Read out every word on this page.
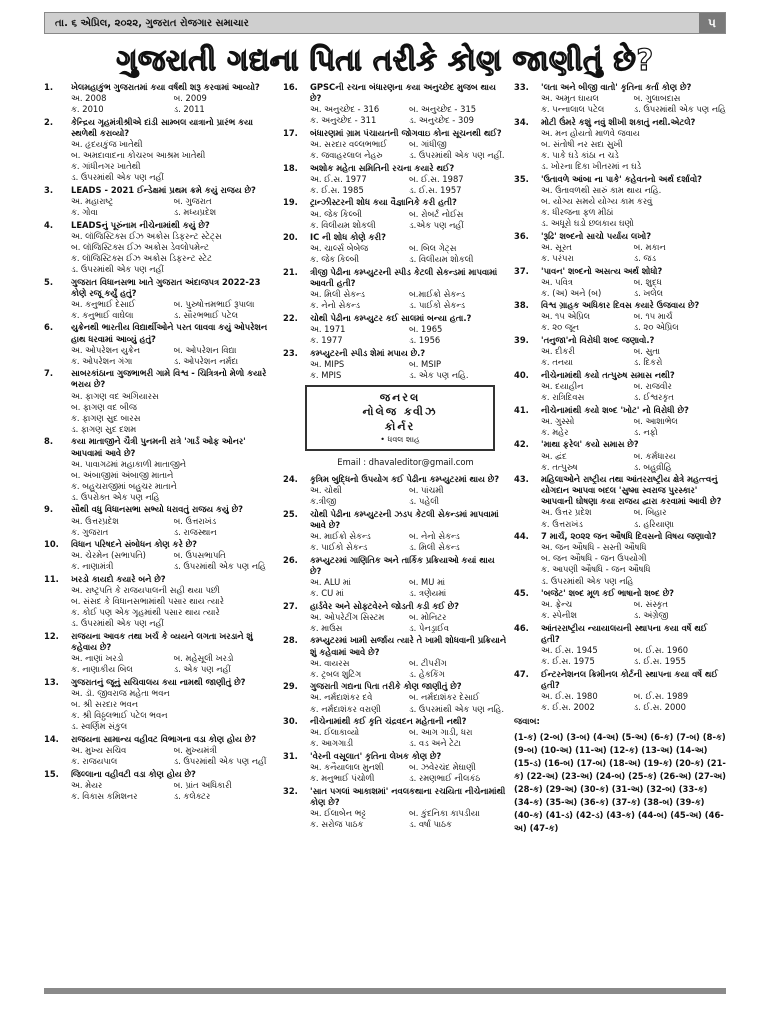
તા. ૬ એપ્રિલ, ૨૦૨૨, ગુજરાત રોજગાર સમાચાર	૫
ગુજરાતી ગદ્યના પિતા તરીકે કોણ જાણીતું છે?
1.	ખેલમહાકુંભ ગુજરાતમાં કયા વર્ષથી શરૂ કરવામાં આવ્યો?
અ. 2008	બ. 2009
ક. 2010	ડ. 2011
2.	કેન્દ્રિય ગૃહમંત્રીશ્રીએ દાંડી સામ્બલ યાત્રાનો પ્રારંભ કયા સ્થળેથી કરાવ્યો?
અ. હૃદયકુંજ ખાતેથી
બ. અમદાવાદના કોચરબ આશ્રમ ખાતેથી
ક. ગાંધીનગર ખાતેથી
ડ. ઉપરમાંથી એક પણ નહીં
3.	LEADS - 2021 ઈન્ડેક્ષમાં પ્રથમ ક્રમે કયું રાજય છે?
અ. મહારાષ્ટ્ર	બ. ગુજરાત
ક. ગોવા	ડ. મધ્યપ્રદેશ
4.	LEADSનું પૂરુંનામ નીચેનામાંથી કયું છે?
અ. લૉજિસ્ટિક્સ ઈઝ અક્રોસ ડિફરન્ટ સ્ટેટ્સ
બ. લૉજિસ્ટિક્સ ઈઝ અક્રોસ ડેવલોપમેન્ટ
ક. લૉજિસ્ટિક્સ ઈઝ અક્રોસ ડિફરન્ટ સ્ટેટ
ડ. ઉપરમાંથી એક પણ નહીં
5.	ગુજરાત વિધાનસભા ખાતે ગુજરાત અંદાજપત્ર 2022-23 કોણે રજૂ કર્યું હતું?
અ. કનુભાઈ દેસાઈ	બ. પુરુષોત્તમભાઈ રૂપાલા
ક. કનુભાઈ વાઘેલા	ડ. સૌરભભાઈ પટેલ
6.	યુક્રેનથી ભારતીય વિદ્યાર્થીઓને પરત લાવવા કયું ઓપરેશન હાથ ધરવામાં આવ્યું હતું?
અ. ઓપરેશન યુક્રેન	બ. ઓપરેશન વિદ્યા
ક. ઓપરેશન ગંગા	ડ. ઓપરેશન નર્મદા
7.	સાબરકાંઠાના ગુજભાભરી ગામે વિશ્વ - ચિત્રિત્રનો મેળો કયારે ભરાય છે?
અ. ફાગણ વદ અગિયારસ
બ. ફાગણ વદ બીજ
ક. ફાગણ સુદ બારસ
ડ. ફાગણ સુદ દશમ
8.	કયા માતાજીને ચૈત્રી પુનમની રાત્રે 'ગાર્ડ ઓફ ઓનર' આપવામાં આવે છે?
અ. પાવાગઢમાં મહાકાળી માતાજીને
બ. અંબાજીમાં અંબાજી માતાને
ક. બહુચરાજીમાં બહુચર માતાને
ડ. ઉપરોક્ત એક પણ નહિ
9.	સૌથી વધુ વિધાનસભા સભ્યો ધરાવતું રાજય કયું છે?
અ. ઉત્તરપ્રદેશ	બ. ઉત્તરાખંડ
ક. ગુજરાત	ડ. રાજસ્થાન
10.	વિધાન પરિષદને સંબોધન કોણ કરે છે?
અ. ચેરમેન (સભાપતિ)	બ. ઉપસભાપતિ
ક. નાણામંત્રી	ડ. ઉપરમાંથી એક પણ નહિ
11.	ખરડો કાયદો કયારે બને છે?
અ. રાષ્ટ્રપતિ કે રાજયપાલની સહી થયા પછી
બ. સંસદ કે વિધાનસભામાંથી પસાર થાય ત્યારે
ક. કોઈ પણ એક ગૃહમાંથી પસાર થાય ત્યારે
ડ. ઉપરમાંથી એક પણ નહીં
12.	રાજયના આવક તથા ખર્ચ કે વ્યયને લગતા ખરડાને શું કહેવાય છે?
અ. નાણાં ખરડો	બ. મહેસૂલી ખરડો
ક. નાણાકીય બિલ	ડ. એક પણ નહીં
13.	ગુજરાતનું જૂનું સચિવાલય કયા નામથી જાણીતું છે?
અ. ડૉ. જીવરાજ મહેતા ભવન
બ. શ્રી સરદાર ભવન
ક. શ્રી વિઠ્ઠલભાઈ પટેલ ભવન
ડ. સ્વર્ણિમ સંકુલ
14.	રાજયના સામાન્ય વહીવટ વિભાગના વડા કોણ હોય છે?
અ. મુખ્ય સચિવ	બ. મુખ્યમંત્રી
ક. રાજયપાલ	ડ. ઉપરમાંથી એક પણ નહીં
15.	જિલ્લાના વહીવટી વડા કોણ હોય છે?
અ. મેયર	બ. પ્રાંત અધિકારી
ક. વિકાસ કમિશનર	ડ. કલેક્ટર
16.	GPSCની રચના બંધારણના કયા અનુચ્છેદ મુજબ થાય છે?
અ. અનુચ્છેદ - 316	બ. અનુચ્છેદ - 315
ક. અનુચ્છેદ - 311	ડ. અનુચ્છેદ - 309
17.	બંધારણમાં ગ્રામ પંચાયતની જોગવાઇ કોના સૂચનથી થઈ?
અ. સરદાર વલ્લભભાઈ	બ. ગાંધીજી
ક. જવાહરલાલ નેહરુ	ડ. ઉપરમાંથી એક પણ નહીં.
18.	અશોક મહેતા સમિતિની રચના કયારે થઈ?
અ. ઈ.સ. 1977	બ. ઈ.સ. 1987
ક. ઈ.સ. 1985	ડ. ઈ.સ. 1957
19.	ટ્રાન્ઝીસ્ટરની શોધ કયા વૈજ્ઞાનિકે કરી હતી?
અ. જેક કિલ્બી	બ. રોબર્ટ નોઈસ
ક. વિલીયમ શોકલી	ડ.એક પણ નહીં
20.	IC ની શોધ કોણે કરી?
અ. ચાર્લ્સ બેબેજ	બ. બિલ ગેટ્સ
ક. જેક કિલ્બી	ડ. વિલીયમ શોકલી
21.	ત્રીજી પેઢીના કમ્પ્યુટરની સ્પીડ કેટલી સેકન્ડમાં માપવામાં આવતી હતી?
અ. મિલી સેકન્ડ	બ.માઈક્રો સેકન્ડ
ક. નેનો સેકન્ડ	ડ. પાઈકો સેકન્ડ
22.	ચોથી પેઢીના કમ્પ્યુટર કઈ સાલમાં બન્યા હતા.?
અ. 1971	બ. 1965
ક. 1977	ડ. 1956
23.	કમ્પ્યુટરની સ્પીડ શેમાં મપાય છે.?
અ. MIPS	બ. MSIP
ક. MPIS	ડ. એક પણ નહિ.
જનરલ
નોલેજ ક્વીઝ
કોર્નર
• ધવલ શાહ
Email : dhavaleditor@gmail.com
24.	કૃત્રિમ બુદ્ધિનો ઉપયોગ કઈ પેઢીના કમ્પ્યુટરમાં થાય છે?
અ. ચોથી	બ. પાંચમી
ક.ત્રીજી	ડ. પહેલી
25.	ચોથી પેઢીના કમ્પ્યુટરની ઝડપ કેટલી સેકન્ડમાં માપવામાં આવે છે?
અ. માઈક્રો સેકન્ડ	બ. નેનો સેકન્ડ
ક. પાઈકો સેકન્ડ	ડ. મિલી સેકન્ડ
26.	કમ્પ્યુટરમાં ગાણિતિક અને તાર્કિક પ્રક્રિયાઓ કયાં થાય છે?
અ. ALU માં	બ. MU માં
ક. CU માં	ડ. ત્રણેયમાં
27.	હાર્ડવેર અને સોફ્ટવેરને જોડતી કડી કઈ છે?
અ. ઓપરેટીંગ સિસ્ટમ	બ. મોનિટર
ક. માઉસ	ડ. પેનડ્રાઈવ
28.	કમ્પ્યુટરમાં ખામી સર્જાય ત્યારે તે ખામી શોધવાની પ્રક્રિયાને શું કહેવામાં આવે છે?
અ. વાયરસ	બ. ટીપરીંગ
ક. ટ્રબલ શુટિંગ	ડ. હેકકિંગ
29.	ગુજરાતી ગદ્યના પિતા તરીકે કોણ જાણીતું છે?
અ. નર્મદાશંકર દવે	બ. નર્મદાશંકર દેસાઈ
ક. નર્મદાશંકર વરાણી	ડ. ઉપરમાંથી એક પણ નહિ.
30.	નીચેનામાંથી કઈ કૃતિ ચંદ્રવદન મહેતાની નથી?
અ. ઈલાકાવ્યો	બ. આગ ગાડી, ધરા
ક. આગગાડી	ડ. વડ અને ટેટા
31.	'વેરની વસૂલાત' કૃતિના લેખક કોણ છે?
અ. કનૈયાલાલ મુનશી	બ. ઝવેરચંદ મેઘાણી
ક. મનુભાઈ પંચોળી	ડ. રમણભાઈ નીલકંઠ
32.	'સાત પગલાં આકાશમાં' નવલકથાના રચયિતા નીચેનામાંથી કોણ છે?
અ. ઈલાબેન ભટ્ટ	બ. કુંદનિકા કાપડીયા
ક. સરોજ પાઠક	ડ. વર્ષા પાઠક
33.	'લતા અને બીજી વાતો' કૃતિના કર્તા કોણ છે?
અ. અમૃત ઘાયલ	બ. ગુલાબદાસ
ક. પન્નાલાલ પટેલ	ડ. ઉપરમાંથી એક પણ નહિ
34.	મોટી ઉંમરે કશું નવું શીખી શકાતું નથી.એટલે?
અ. મન હોયતો માળવે જવાય
બ. સંતોષી નર સદા સુખી
ક. પાકે ઘડે કાંઠા ન ચડે
ડ. ખોરના દિકા ખીતરમાં ન ઘડે
35.	'ઉતાવળે આંબા ના પાકે' કહેવતનો અર્થ દર્શાવો?
અ. ઉતાવળથી સારું કામ થાય નહિ.
બ. યોગ્ય સમયે યોગ્ય કામ કરવું
ક. ધીરજના ફળ મીઠાં
ડ. અધૂરો ઘડો છલકાય ઘણો
36.	'રૂઢિ' શબ્દનો સાચો પર્યાય લખો?
અ. સૂરત	બ. મકાન
ક. પરંપરા	ડ. જડ
37.	'પાવન' શબ્દનો અસત્ય અર્થ શોધો?
અ. પવિત્ર	બ. શુદ્ધ
ક. (અ) અને (બ)	ડ. ખલેલ
38.	વિશ્વ ગ્રાહક અધિકાર દિવસ કયારે ઉજવાય છે?
અ. ૧૫ એપ્રિલ	બ. ૧૫ માર્ચ
ક. ૨૦ જૂન	ડ. ૨૦ એપ્રિલ
39.	'તનુજા'નો વિરોધી શબ્દ જણાવો.?
અ. દીકરી	બ. સુતા
ક. તનયા	ડ. દિકરો
40.	નીચેનામાંથી કયો તત્પુરુષ સમાસ નથી?
અ. દયાહીન	બ. રાજવીર
ક. રાત્રિદિવસ	ડ. ઈશ્વરકૃત
41.	નીચેનામાંથી કયો શબ્દ 'ખોટ' નો વિરોધી છે?
અ. ગુસ્સો	બ. આશાભેલ
ક. મહેર	ડ. નફો
42.	'માથા ફરેલ' કયો સમાસ છે?
અ. દ્વંદ	બ. કર્મધારય
ક. તત્પુરુષ	ડ. બહુવ્રીહિ
43.	મહિલાઓને રાષ્ટ્રીય તથા આંતરરાષ્ટ્રીય ક્ષેત્રે મહત્ત્વનું યોગદાન આપવા બદલ 'સુષ્મા સ્વરાજ પુરસ્કાર' આપવાની ઘોષણા કયા રાજય દ્વારા કરવામાં આવી છે?
અ. ઉત્તર પ્રદેશ	બ. બિહાર
ક. ઉત્તરાખંડ	ડ. હરિયાણા
44.	7 માર્ચ, ૨૦૨૨ જન ઔષધિ દિવસનો વિષય જણાવો?
અ. જન ઔષધિ - સસ્તી ઔષધિ
બ. જન ઔષધિ - જન ઉપયોગી
ક. આપણી ઔષધિ - જન ઔષધિ
ડ. ઉપરમાંથી એક પણ નહિ
45.	'બજેટ' શબ્દ મૂળ કઈ ભાષાનો શબ્દ છે?
અ. ફ્રેન્ચ	બ. સંસ્કૃત
ક. સ્પેનીશ	ડ. અંગ્રેજી
46.	આંતરરાષ્ટ્રીય ન્યાયાલયની સ્થાપના કયા વર્ષે થઈ હતી?
અ. ઈ.સ. 1945	બ. ઈ.સ. 1960
ક. ઈ.સ. 1975	ડ. ઈ.સ. 1955
47.	ઈન્ટરનેશનલ ક્રિમીનલ કોર્ટની સ્થાપના કયા વર્ષે થઈ હતી?
અ. ઈ.સ. 1980	બ. ઈ.સ. 1989
ક. ઈ.સ. 2002	ડ. ઈ.સ. 2000
જવાબ:
(1-ક) (2-બ) (3-બ) (4-અ) (5-અ) (6-ક) (7-બ) (8-ક) (9-બ) (10-અ) (11-અ) (12-ક) (13-અ) (14-અ) (15-ડ) (16-બ) (17-બ) (18-અ) (19-ક) (20-ક) (21-ક) (22-અ) (23-અ) (24-બ) (25-ક) (26-અ) (27-અ) (28-ક) (29-અ) (30-ક) (31-અ) (32-બ) (33-ક) (34-ક) (35-અ) (36-ક) (37-ક) (38-બ) (39-ક) (40-ક) (41-ડ) (42-ડ) (43-ક) (44-બ) (45-અ) (46-અ) (47-ક)
